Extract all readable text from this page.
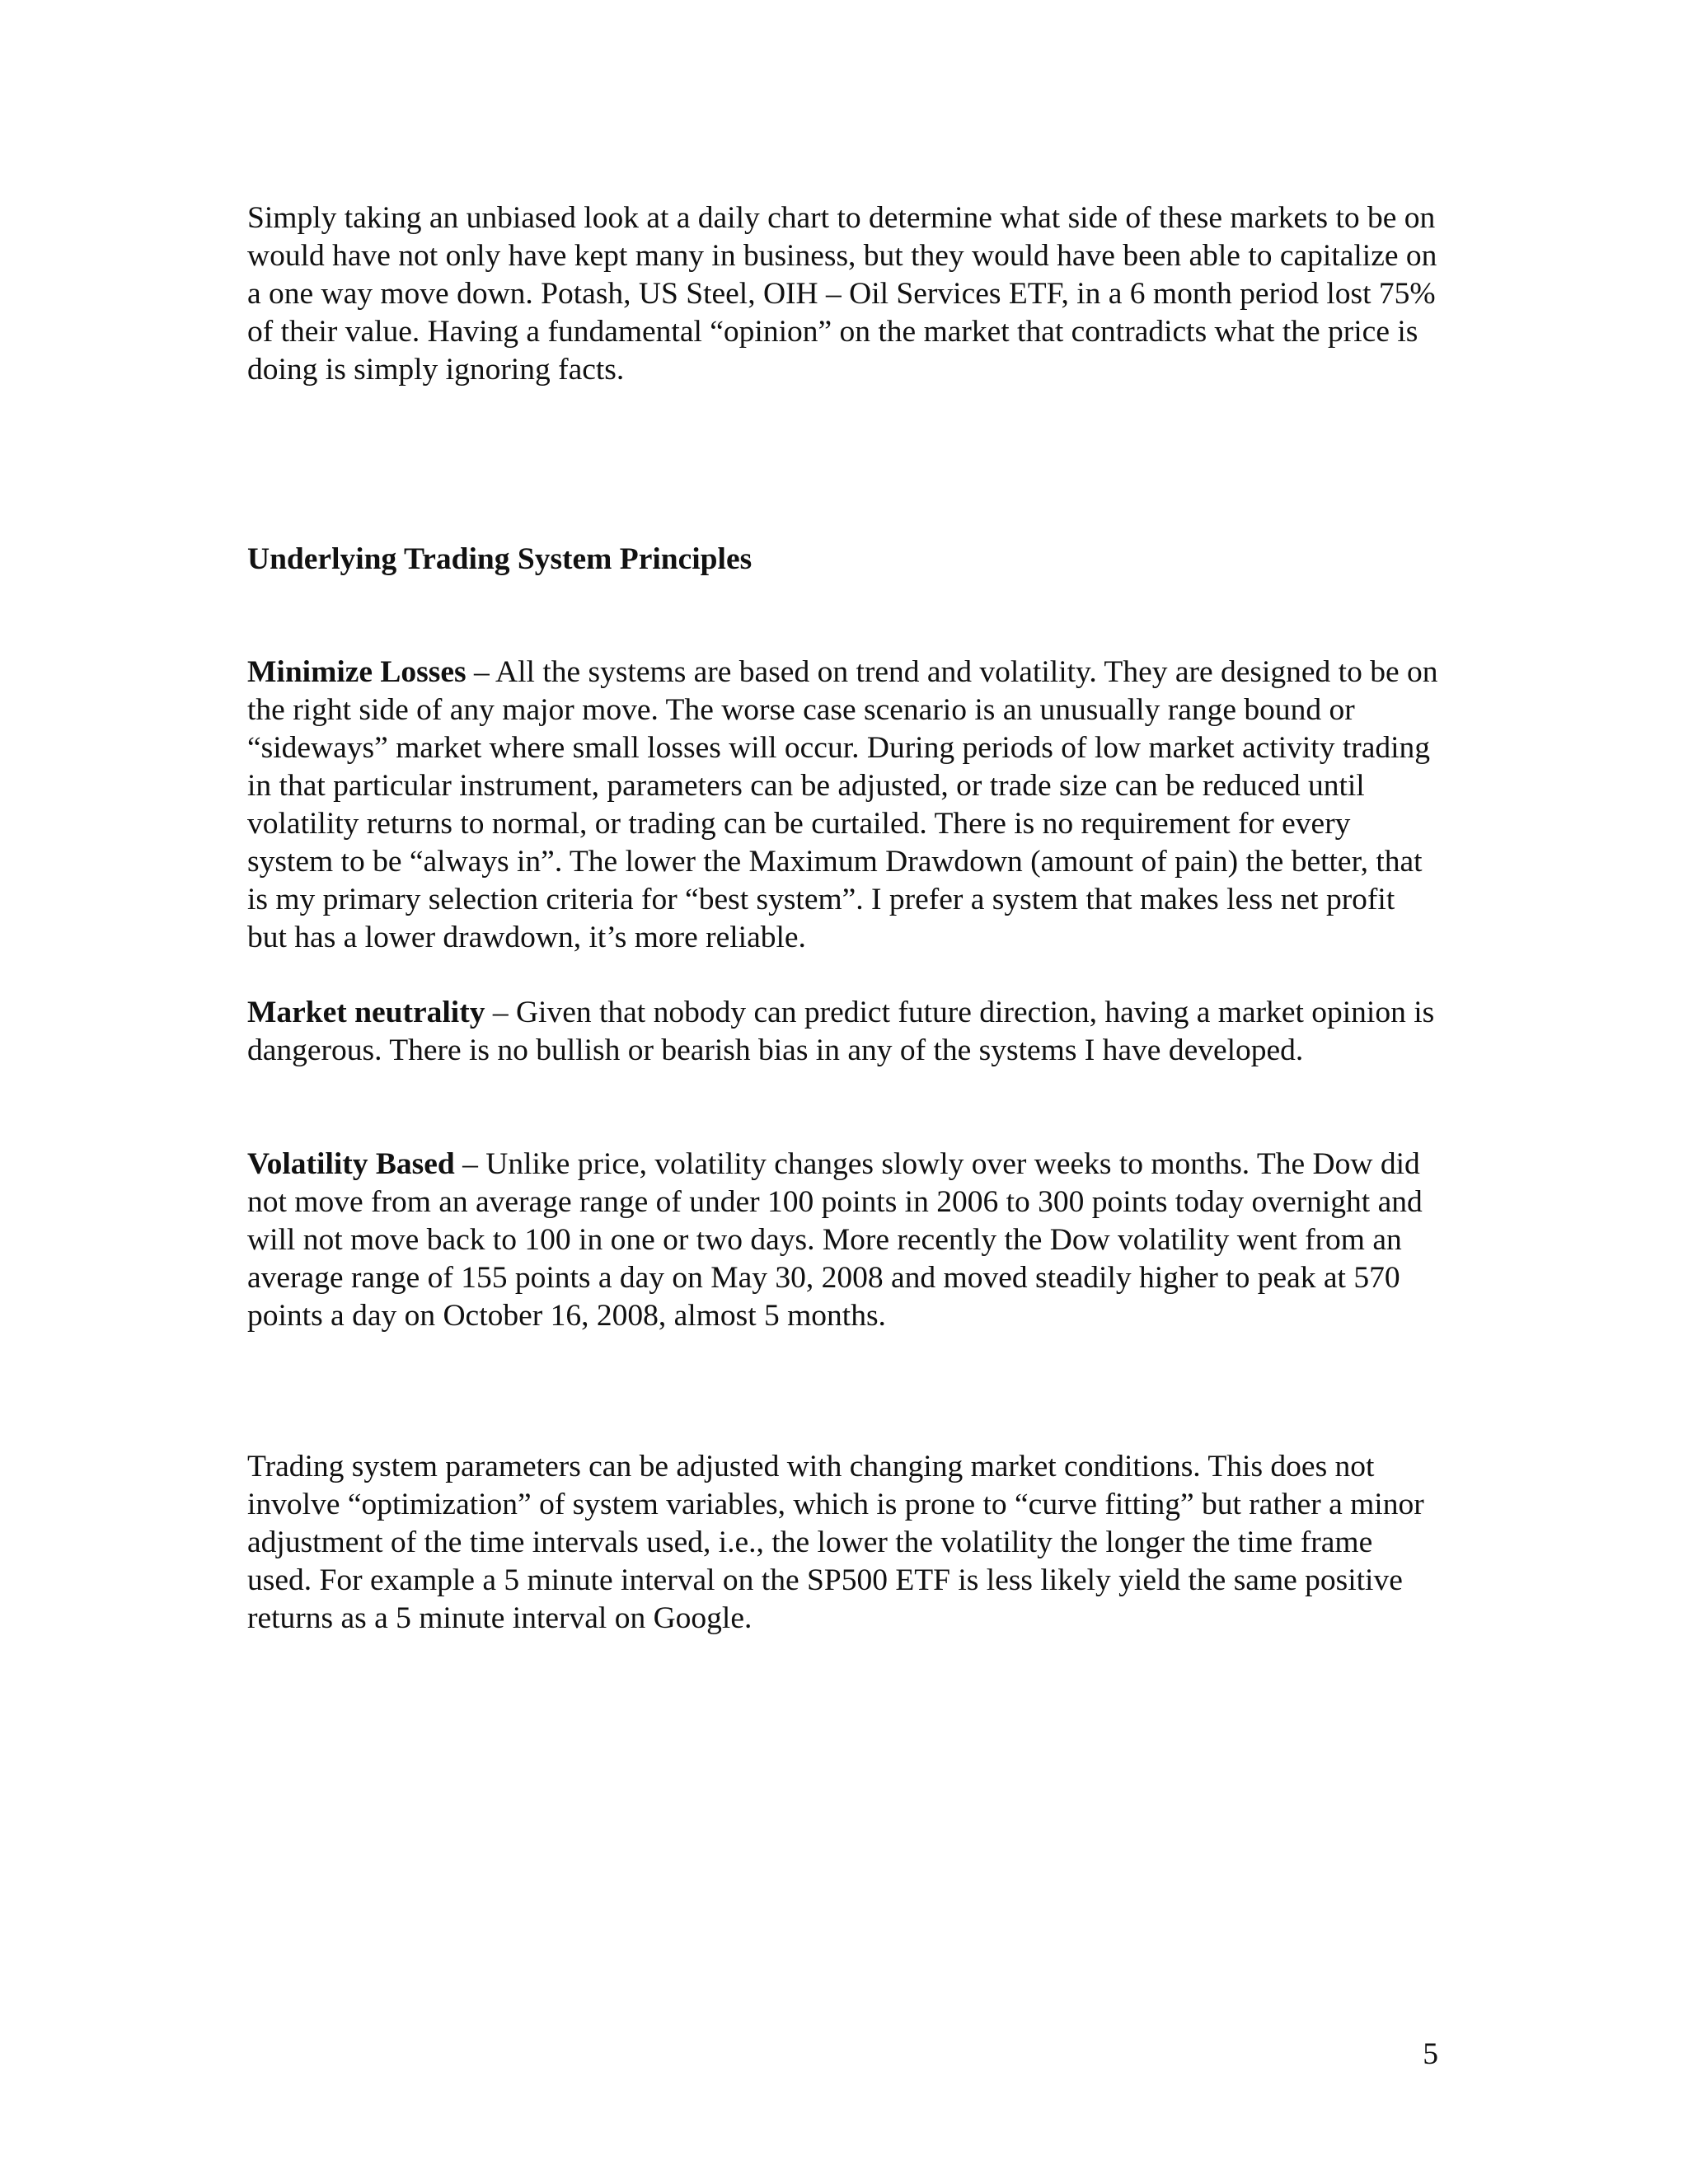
Simply taking an unbiased look at a daily chart to determine what side of these markets to be on would have not only have kept many in business, but they would have been able to capitalize on a one way move down. Potash, US Steel, OIH – Oil Services ETF, in a 6 month period lost 75% of their value. Having a fundamental “opinion” on the market that contradicts what the price is doing is simply ignoring facts.

Underlying Trading System Principles

Minimize Losses – All the systems are based on trend and volatility. They are designed to be on the right side of any major move. The worse case scenario is an unusually range bound or “sideways” market where small losses will occur. During periods of low market activity trading in that particular instrument, parameters can be adjusted, or trade size can be reduced until volatility returns to normal, or trading can be curtailed. There is no requirement for every system to be “always in”. The lower the Maximum Drawdown (amount of pain) the better, that is my primary selection criteria for “best system”. I prefer a system that makes less net profit but has a lower drawdown, it’s more reliable.

Market neutrality – Given that nobody can predict future direction, having a market opinion is dangerous. There is no bullish or bearish bias in any of the systems I have developed.

Volatility Based – Unlike price, volatility changes slowly over weeks to months. The Dow did not move from an average range of under 100 points in 2006 to 300 points today overnight and will not move back to 100 in one or two days. More recently the Dow volatility went from an average range of 155 points a day on May 30, 2008 and moved steadily higher to peak at 570 points a day on October 16, 2008, almost 5 months.

Trading system parameters can be adjusted with changing market conditions. This does not involve “optimization” of system variables, which is prone to “curve fitting” but rather a minor adjustment of the time intervals used, i.e., the lower the volatility the longer the time frame used. For example a 5 minute interval on the SP500 ETF is less likely yield the same positive returns as a 5 minute interval on Google.

5
